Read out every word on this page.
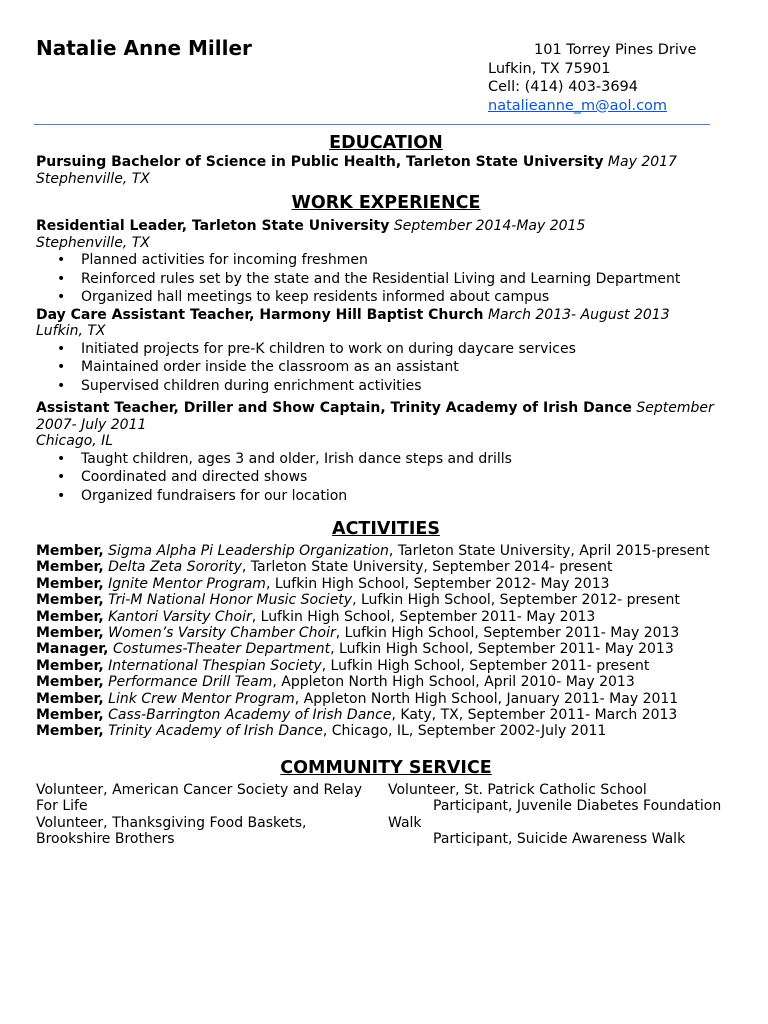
Natalie Anne Miller	101 Torrey Pines Drive
Lufkin, TX 75901
Cell: (414) 403-3694
natalieanne_m@aol.com
EDUCATION
Pursuing Bachelor of Science in Public Health, Tarleton State University May 2017
Stephenville, TX
WORK EXPERIENCE
Residential Leader, Tarleton State University September 2014-May 2015
Stephenville, TX
• Planned activities for incoming freshmen
• Reinforced rules set by the state and the Residential Living and Learning Department
• Organized hall meetings to keep residents informed about campus
Day Care Assistant Teacher, Harmony Hill Baptist Church March 2013- August 2013
Lufkin, TX
• Initiated projects for pre-K children to work on during daycare services
• Maintained order inside the classroom as an assistant
• Supervised children during enrichment activities
Assistant Teacher, Driller and Show Captain, Trinity Academy of Irish Dance September 2007- July 2011
Chicago, IL
• Taught children, ages 3 and older, Irish dance steps and drills
• Coordinated and directed shows
• Organized fundraisers for our location
ACTIVITIES
Member, Sigma Alpha Pi Leadership Organization, Tarleton State University, April 2015-present
Member, Delta Zeta Sorority, Tarleton State University, September 2014- present
Member, Ignite Mentor Program, Lufkin High School, September 2012- May 2013
Member, Tri-M National Honor Music Society, Lufkin High School, September 2012- present
Member, Kantori Varsity Choir, Lufkin High School, September 2011- May 2013
Member, Women’s Varsity Chamber Choir, Lufkin High School, September 2011- May 2013
Manager, Costumes-Theater Department, Lufkin High School, September 2011- May 2013
Member, International Thespian Society, Lufkin High School, September 2011- present
Member, Performance Drill Team, Appleton North High School, April 2010- May 2013
Member, Link Crew Mentor Program, Appleton North High School, January 2011- May 2011
Member, Cass-Barrington Academy of Irish Dance, Katy, TX, September 2011- March 2013
Member, Trinity Academy of Irish Dance, Chicago, IL, September 2002-July 2011
COMMUNITY SERVICE
Volunteer, American Cancer Society and Relay
For Life
Volunteer, Thanksgiving Food Baskets,
Brookshire Brothers
Volunteer, St. Patrick Catholic School
Participant, Juvenile Diabetes Foundation
Walk
Participant, Suicide Awareness Walk
